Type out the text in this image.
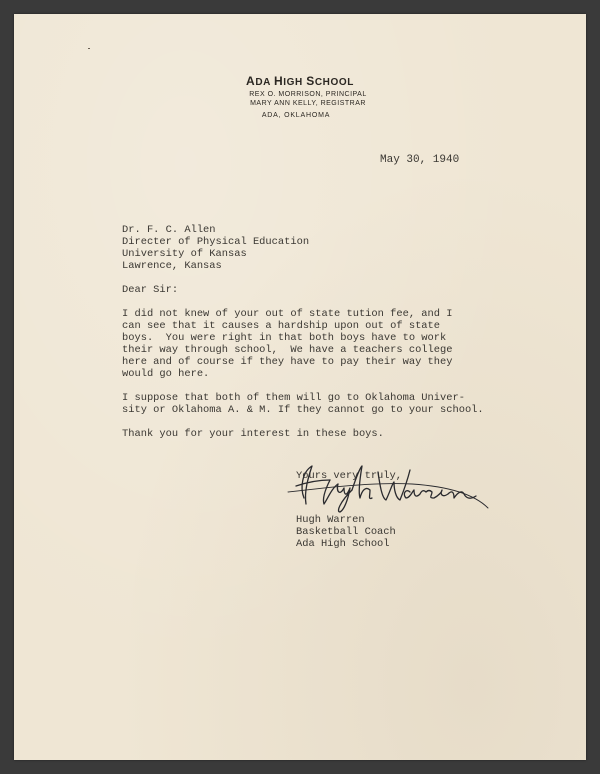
ADA HIGH SCHOOL
REX O. MORRISON, PRINCIPAL
MARY ANN KELLY, REGISTRAR
ADA, OKLAHOMA
May 30, 1940
Dr. F. C. Allen
Directer of Physical Education
University of Kansas
Lawrence, Kansas
Dear Sir:
I did not knew of your out of state tution fee, and I
can see that it causes a hardship upon out of state
boys.  You were right in that both boys have to work
their way through school,  We have a teachers college
here and of course if they have to pay their way they
would go here.
I suppose that both of them will go to Oklahoma Univer-
sity or Oklahoma A. & M. If they cannot go to your school.
Thank you for your interest in these boys.
Yours very truly,
Hugh Warren
Basketball Coach
Ada High School
